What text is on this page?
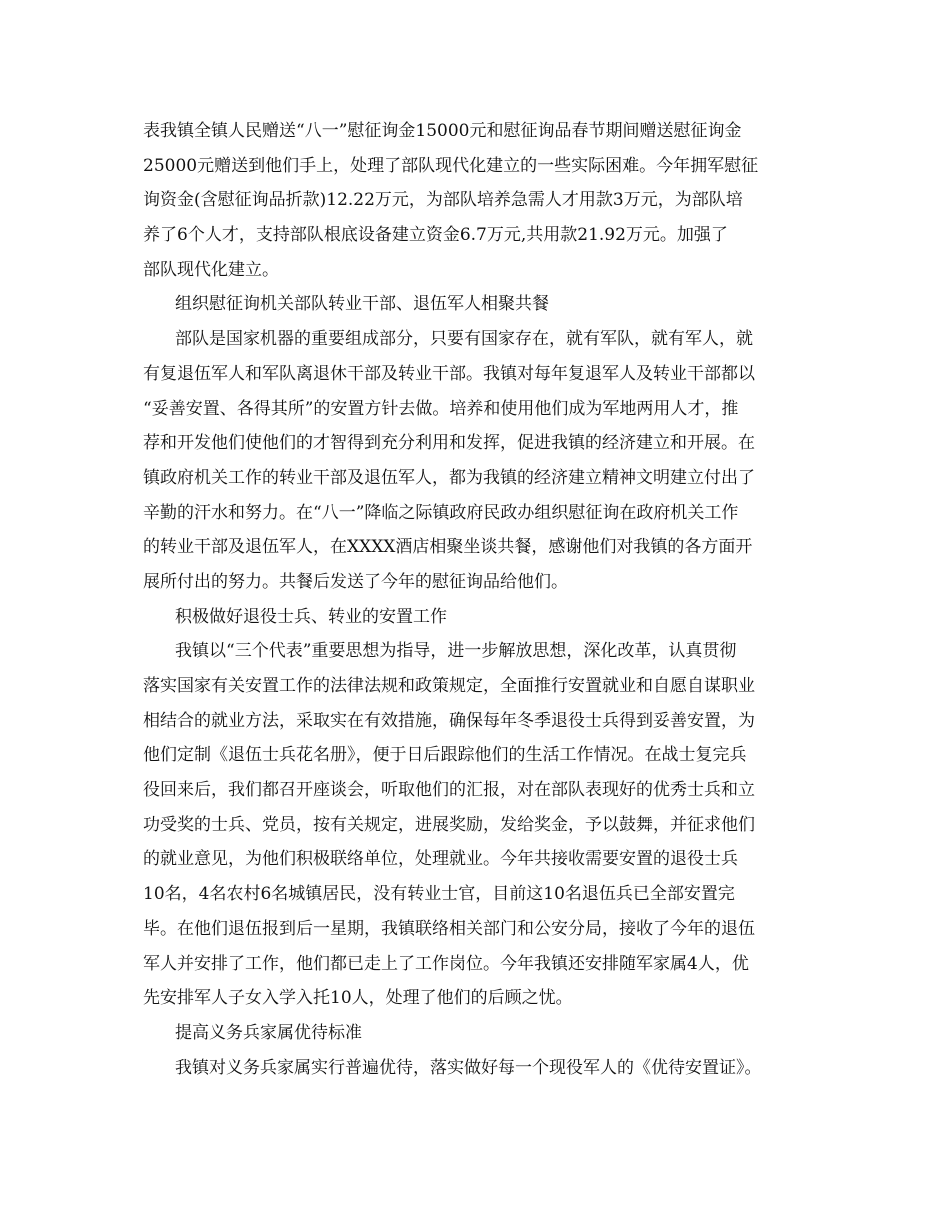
表我镇全镇人民赠送“八一”慰征询金15000元和慰征询品春节期间赠送慰征询金
25000元赠送到他们手上，处理了部队现代化建立的一些实际困难。今年拥军慰征
询资金(含慰征询品折款)12.22万元，为部队培养急需人才用款3万元，为部队培
养了6个人才，支持部队根底设备建立资金6.7万元,共用款21.92万元。加强了
部队现代化建立。
组织慰征询机关部队转业干部、退伍军人相聚共餐
部队是国家机器的重要组成部分，只要有国家存在，就有军队，就有军人，就
有复退伍军人和军队离退休干部及转业干部。我镇对每年复退军人及转业干部都以
“妥善安置、各得其所”的安置方针去做。培养和使用他们成为军地两用人才，推
荐和开发他们使他们的才智得到充分利用和发挥，促进我镇的经济建立和开展。在
镇政府机关工作的转业干部及退伍军人，都为我镇的经济建立精神文明建立付出了
辛勤的汗水和努力。在“八一”降临之际镇政府民政办组织慰征询在政府机关工作
的转业干部及退伍军人，在XXXX酒店相聚坐谈共餐，感谢他们对我镇的各方面开
展所付出的努力。共餐后发送了今年的慰征询品给他们。
积极做好退役士兵、转业的安置工作
我镇以“三个代表”重要思想为指导，进一步解放思想，深化改革，认真贯彻
落实国家有关安置工作的法律法规和政策规定，全面推行安置就业和自愿自谋职业
相结合的就业方法，采取实在有效措施，确保每年冬季退役士兵得到妥善安置，为
他们定制《退伍士兵花名册》，便于日后跟踪他们的生活工作情况。在战士复完兵
役回来后，我们都召开座谈会，听取他们的汇报，对在部队表现好的优秀士兵和立
功受奖的士兵、党员，按有关规定，进展奖励，发给奖金，予以鼓舞，并征求他们
的就业意见，为他们积极联络单位，处理就业。今年共接收需要安置的退役士兵
10名，4名农村6名城镇居民，没有转业士官，目前这10名退伍兵已全部安置完
毕。在他们退伍报到后一星期，我镇联络相关部门和公安分局，接收了今年的退伍
军人并安排了工作，他们都已走上了工作岗位。今年我镇还安排随军家属4人，优
先安排军人子女入学入托10人，处理了他们的后顾之忧。
提高义务兵家属优待标准
我镇对义务兵家属实行普遍优待，落实做好每一个现役军人的《优待安置证》。
